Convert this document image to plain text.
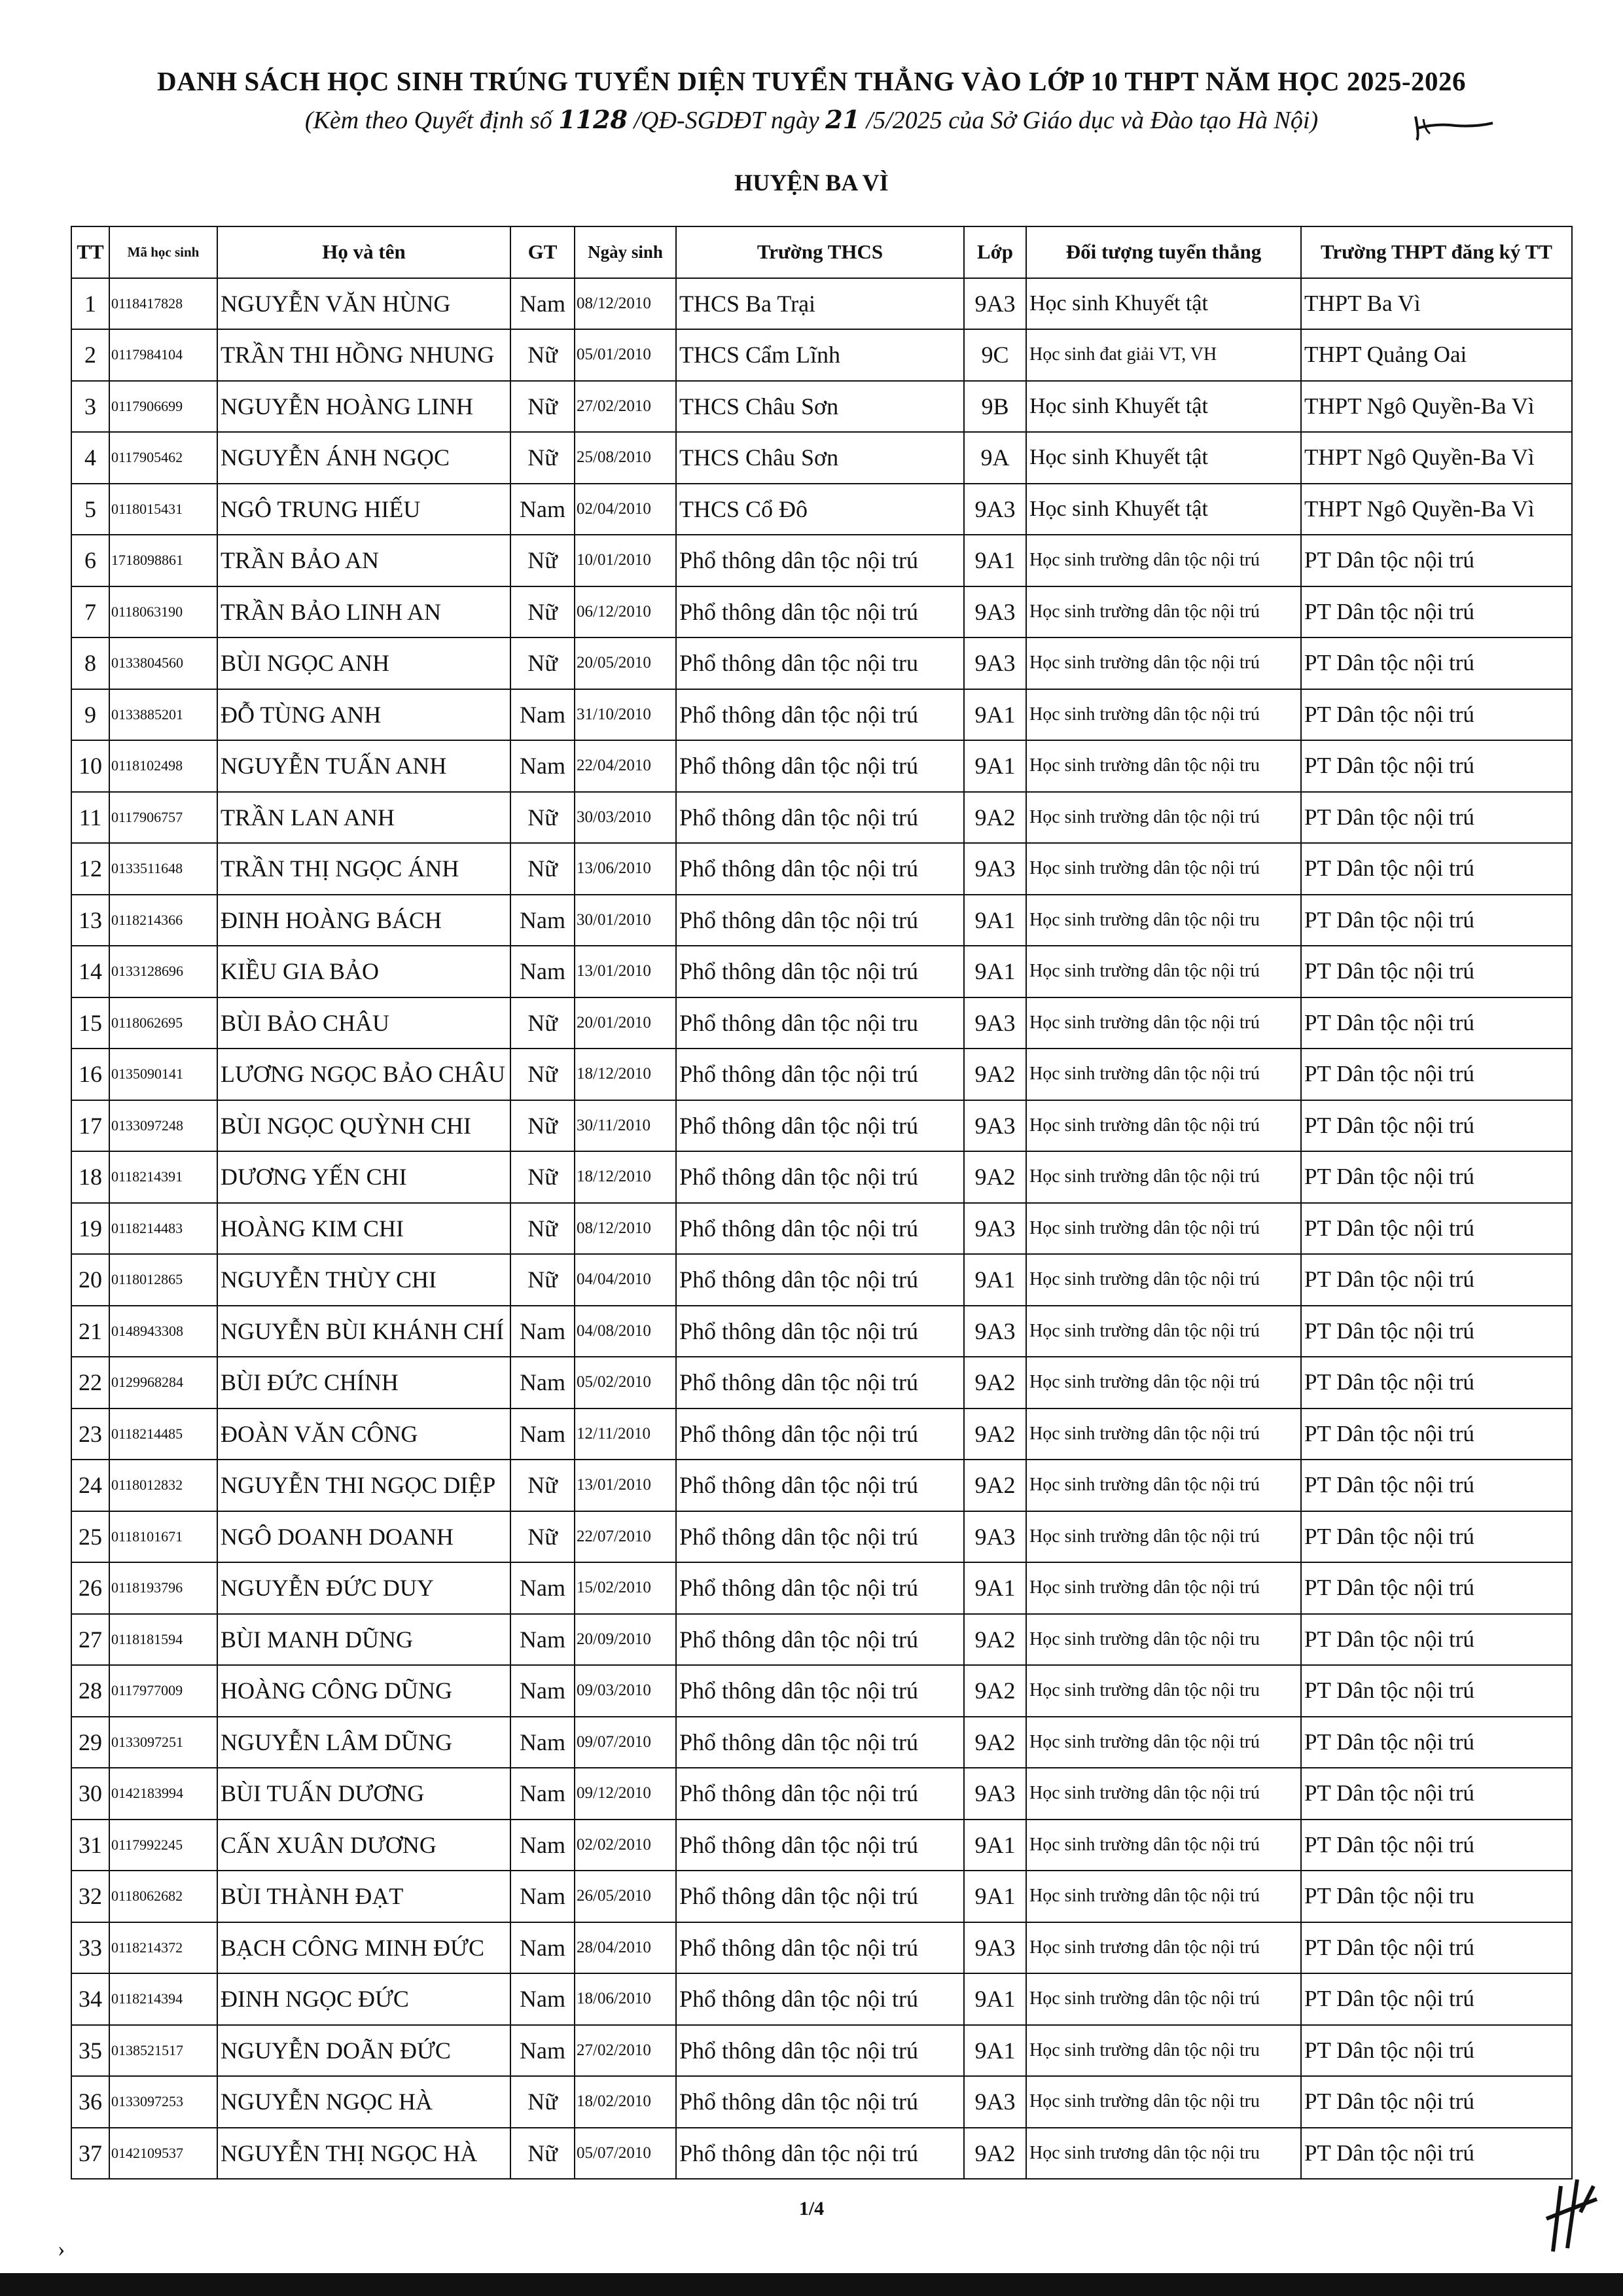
DANH SÁCH HỌC SINH TRÚNG TUYỂN DIỆN TUYỂN THẲNG VÀO LỚP 10 THPT NĂM HỌC 2025-2026
(Kèm theo Quyết định số 1128 /QĐ-SGDĐT ngày 21 /5/2025 của Sở Giáo dục và Đào tạo Hà Nội)
HUYỆN BA VÌ
TT	Mã học sinh	Họ và tên	GT	Ngày sinh	Trường THCS	Lớp	Đối tượng tuyển thẳng	Trường THPT đăng ký TT
1	0118417828	NGUYỄN VĂN HÙNG	Nam	08/12/2010	THCS Ba Trại	9A3	Học sinh Khuyết tật	THPT Ba Vì
2	0117984104	TRẦN THI HỒNG NHUNG	Nữ	05/01/2010	THCS Cẩm Lĩnh	9C	Học sinh đat giải VT, VH	THPT Quảng Oai
3	0117906699	NGUYỄN HOÀNG LINH	Nữ	27/02/2010	THCS Châu Sơn	9B	Học sinh Khuyết tật	THPT Ngô Quyền-Ba Vì
4	0117905462	NGUYỄN ÁNH NGỌC	Nữ	25/08/2010	THCS Châu Sơn	9A	Học sinh Khuyết tật	THPT Ngô Quyền-Ba Vì
5	0118015431	NGÔ TRUNG HIẾU	Nam	02/04/2010	THCS Cổ Đô	9A3	Học sinh Khuyết tật	THPT Ngô Quyền-Ba Vì
6	1718098861	TRẦN BẢO AN	Nữ	10/01/2010	Phổ thông dân tộc nội trú	9A1	Học sinh trường dân tộc nội trú	PT Dân tộc nội trú
7	0118063190	TRẦN BẢO LINH AN	Nữ	06/12/2010	Phổ thông dân tộc nội trú	9A3	Học sinh trường dân tộc nội trú	PT Dân tộc nội trú
8	0133804560	BÙI NGỌC ANH	Nữ	20/05/2010	Phổ thông dân tộc nội tru	9A3	Học sinh trường dân tộc nội trú	PT Dân tộc nội trú
9	0133885201	ĐỖ TÙNG ANH	Nam	31/10/2010	Phổ thông dân tộc nội trú	9A1	Học sinh trường dân tộc nội trú	PT Dân tộc nội trú
10	0118102498	NGUYỄN TUẤN ANH	Nam	22/04/2010	Phổ thông dân tộc nội trú	9A1	Học sinh trường dân tộc nội tru	PT Dân tộc nội trú
11	0117906757	TRẦN LAN ANH	Nữ	30/03/2010	Phổ thông dân tộc nội trú	9A2	Học sinh trường dân tộc nội trú	PT Dân tộc nội trú
12	0133511648	TRẦN THỊ NGỌC ÁNH	Nữ	13/06/2010	Phổ thông dân tộc nội trú	9A3	Học sinh trường dân tộc nội trú	PT Dân tộc nội trú
13	0118214366	ĐINH HOÀNG BÁCH	Nam	30/01/2010	Phổ thông dân tộc nội trú	9A1	Học sinh trường dân tộc nội tru	PT Dân tộc nội trú
14	0133128696	KIỀU GIA BẢO	Nam	13/01/2010	Phổ thông dân tộc nội trú	9A1	Học sinh trường dân tộc nội trú	PT Dân tộc nội trú
15	0118062695	BÙI BẢO CHÂU	Nữ	20/01/2010	Phổ thông dân tộc nội tru	9A3	Học sinh trường dân tộc nội trú	PT Dân tộc nội trú
16	0135090141	LƯƠNG NGỌC BẢO CHÂU	Nữ	18/12/2010	Phổ thông dân tộc nội trú	9A2	Học sinh trường dân tộc nội trú	PT Dân tộc nội trú
17	0133097248	BÙI NGỌC QUỲNH CHI	Nữ	30/11/2010	Phổ thông dân tộc nội trú	9A3	Học sinh trường dân tộc nội trú	PT Dân tộc nội trú
18	0118214391	DƯƠNG YẾN CHI	Nữ	18/12/2010	Phổ thông dân tộc nội trú	9A2	Học sinh trường dân tộc nội trú	PT Dân tộc nội trú
19	0118214483	HOÀNG KIM CHI	Nữ	08/12/2010	Phổ thông dân tộc nội trú	9A3	Học sinh trường dân tộc nội trú	PT Dân tộc nội trú
20	0118012865	NGUYỄN THÙY CHI	Nữ	04/04/2010	Phổ thông dân tộc nội trú	9A1	Học sinh trường dân tộc nội trú	PT Dân tộc nội trú
21	0148943308	NGUYỄN BÙI KHÁNH CHÍ	Nam	04/08/2010	Phổ thông dân tộc nội trú	9A3	Học sinh trường dân tộc nội trú	PT Dân tộc nội trú
22	0129968284	BÙI ĐỨC CHÍNH	Nam	05/02/2010	Phổ thông dân tộc nội trú	9A2	Học sinh trường dân tộc nội trú	PT Dân tộc nội trú
23	0118214485	ĐOÀN VĂN CÔNG	Nam	12/11/2010	Phổ thông dân tộc nội trú	9A2	Học sinh trường dân tộc nội trú	PT Dân tộc nội trú
24	0118012832	NGUYỄN THI NGỌC DIỆP	Nữ	13/01/2010	Phổ thông dân tộc nội trú	9A2	Học sinh trường dân tộc nội trú	PT Dân tộc nội trú
25	0118101671	NGÔ DOANH DOANH	Nữ	22/07/2010	Phổ thông dân tộc nội trú	9A3	Học sinh trường dân tộc nội trú	PT Dân tộc nội trú
26	0118193796	NGUYỄN ĐỨC DUY	Nam	15/02/2010	Phổ thông dân tộc nội trú	9A1	Học sinh trường dân tộc nội trú	PT Dân tộc nội trú
27	0118181594	BÙI MANH DŨNG	Nam	20/09/2010	Phổ thông dân tộc nội trú	9A2	Học sinh trường dân tộc nội tru	PT Dân tộc nội trú
28	0117977009	HOÀNG CÔNG DŨNG	Nam	09/03/2010	Phổ thông dân tộc nội trú	9A2	Học sinh trường dân tộc nội tru	PT Dân tộc nội trú
29	0133097251	NGUYỄN LÂM DŨNG	Nam	09/07/2010	Phổ thông dân tộc nội trú	9A2	Học sinh trường dân tộc nội trú	PT Dân tộc nội trú
30	0142183994	BÙI TUẤN DƯƠNG	Nam	09/12/2010	Phổ thông dân tộc nội trú	9A3	Học sinh trường dân tộc nội trú	PT Dân tộc nội trú
31	0117992245	CẤN XUÂN DƯƠNG	Nam	02/02/2010	Phổ thông dân tộc nội trú	9A1	Học sinh trường dân tộc nội trú	PT Dân tộc nội trú
32	0118062682	BÙI THÀNH ĐẠT	Nam	26/05/2010	Phổ thông dân tộc nội trú	9A1	Học sinh trường dân tộc nội trú	PT Dân tộc nội tru
33	0118214372	BẠCH CÔNG MINH ĐỨC	Nam	28/04/2010	Phổ thông dân tộc nội trú	9A3	Học sinh trương dân tộc nội trú	PT Dân tộc nội trú
34	0118214394	ĐINH NGỌC ĐỨC	Nam	18/06/2010	Phổ thông dân tộc nội trú	9A1	Học sinh trường dân tộc nội trú	PT Dân tộc nội trú
35	0138521517	NGUYỄN DOÃN ĐỨC	Nam	27/02/2010	Phổ thông dân tộc nội trú	9A1	Học sinh trường dân tộc nội tru	PT Dân tộc nội trú
36	0133097253	NGUYỄN NGỌC HÀ	Nữ	18/02/2010	Phổ thông dân tộc nội trú	9A3	Học sinh trường dân tộc nội tru	PT Dân tộc nội trú
37	0142109537	NGUYỄN THỊ NGỌC HÀ	Nữ	05/07/2010	Phổ thông dân tộc nội trú	9A2	Học sinh trương dân tộc nội tru	PT Dân tộc nội trú
1/4
›
